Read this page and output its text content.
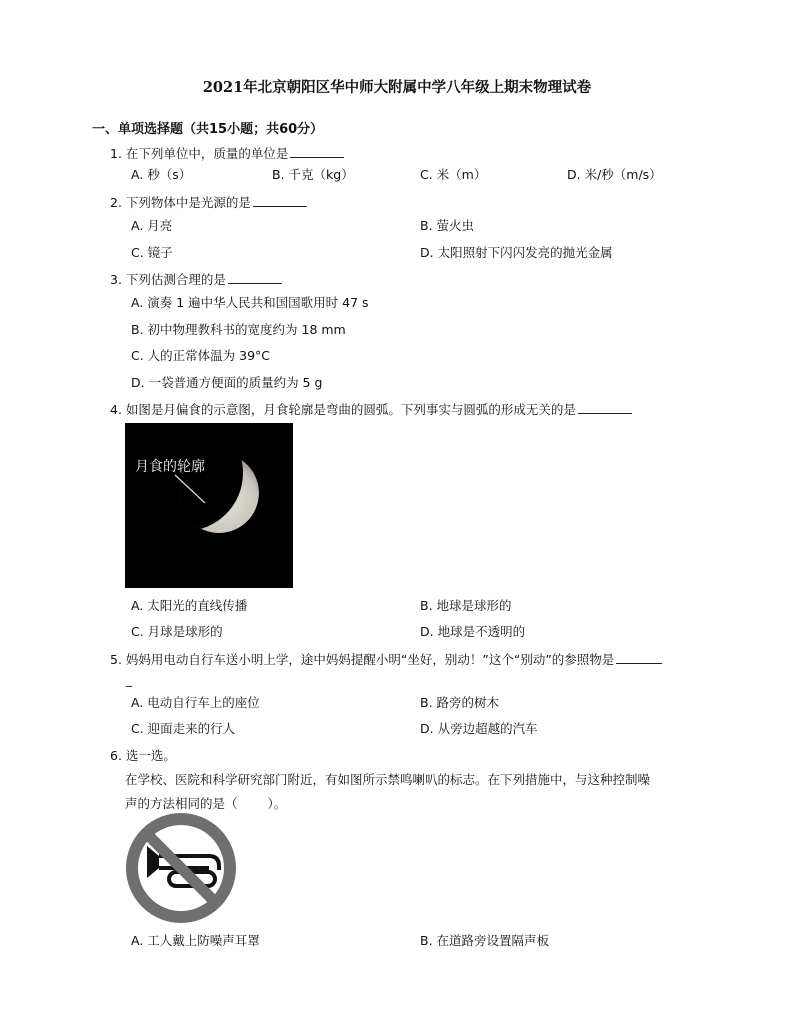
2021年北京朝阳区华中师大附属中学八年级上期末物理试卷
一、单项选择题（共15小题；共60分）
1. 在下列单位中，质量的单位是
A. 秒（s）	B. 千克（kg）	C. 米（m）	D. 米/秒（m/s）
2. 下列物体中是光源的是
A. 月亮	B. 萤火虫
C. 镜子	D. 太阳照射下闪闪发亮的抛光金属
3. 下列估测合理的是
A. 演奏 1 遍中华人民共和国国歌用时 47 s
B. 初中物理教科书的宽度约为 18 mm
C. 人的正常体温为 39°C
D. 一袋普通方便面的质量约为 5 g
4. 如图是月偏食的示意图，月食轮廓是弯曲的圆弧。下列事实与圆弧的形成无关的是
月食的轮廓
A. 太阳光的直线传播	B. 地球是球形的
C. 月球是球形的	D. 地球是不透明的
5. 妈妈用电动自行车送小明上学，途中妈妈提醒小明“坐好，别动！”这个“别动”的参照物是
_
A. 电动自行车上的座位	B. 路旁的树木
C. 迎面走来的行人	D. 从旁边超越的汽车
6. 选一选。
在学校、医院和科学研究部门附近，有如图所示禁鸣喇叭的标志。在下列措施中，与这种控制噪
声的方法相同的是（ ）。
A. 工人戴上防噪声耳罩	B. 在道路旁设置隔声板
